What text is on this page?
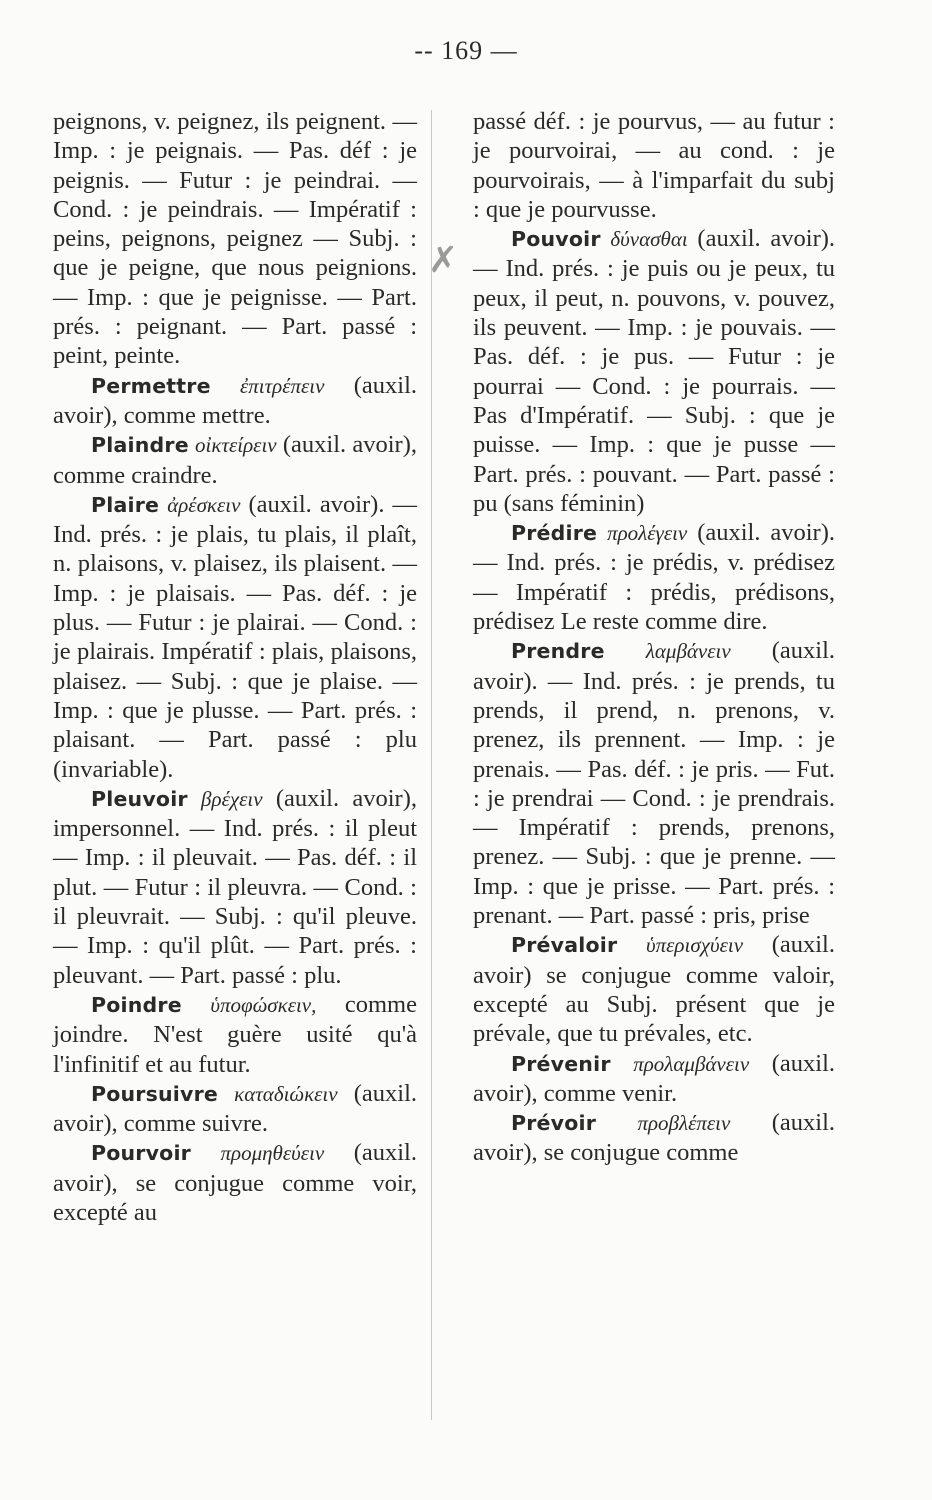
-- 169 —
✗

peignons, v. peignez, ils peignent. — Imp. : je peignais. — Pas. déf : je peignis. — Futur : je peindrai. — Cond. : je peindrais. — Impératif : peins, peignons, peignez — Subj. : que je peigne, que nous peignions. — Imp. : que je peignisse. — Part. prés. : peignant. — Part. passé : peint, peinte.

Permettre ἐπιτρέπειν (auxil. avoir), comme mettre.

Plaindre οἰκτείρειν (auxil. avoir), comme craindre.

Plaire ἀρέσκειν (auxil. avoir). — Ind. prés. : je plais, tu plais, il plaît, n. plaisons, v. plaisez, ils plaisent. — Imp. : je plaisais. — Pas. déf. : je plus. — Futur : je plairai. — Cond. : je plairais. Impératif : plais, plaisons, plaisez. — Subj. : que je plaise. — Imp. : que je plusse. — Part. prés. : plaisant. — Part. passé : plu (invariable).

Pleuvoir βρέχειν (auxil. avoir), impersonnel. — Ind. prés. : il pleut — Imp. : il pleuvait. — Pas. déf. : il plut. — Futur : il pleuvra. — Cond. : il pleuvrait. — Subj. : qu'il pleuve. — Imp. : qu'il plût. — Part. prés. : pleuvant. — Part. passé : plu.

Poindre ὑποφώσκειν, comme joindre. N'est guère usité qu'à l'infinitif et au futur.

Poursuivre καταδιώκειν (auxil. avoir), comme suivre.

Pourvoir προμηθεύειν (auxil. avoir), se conjugue comme voir, excepté au

passé déf. : je pourvus, — au futur : je pourvoirai, — au cond. : je pourvoirais, — à l'imparfait du subj : que je pourvusse.

Pouvoir δύνασθαι (auxil. avoir). — Ind. prés. : je puis ou je peux, tu peux, il peut, n. pouvons, v. pouvez, ils peuvent. — Imp. : je pouvais. — Pas. déf. : je pus. — Futur : je pourrai — Cond. : je pourrais. — Pas d'Impératif. — Subj. : que je puisse. — Imp. : que je pusse — Part. prés. : pouvant. — Part. passé : pu (sans féminin)

Prédire προλέγειν (auxil. avoir). — Ind. prés. : je prédis, v. prédisez — Impératif : prédis, prédisons, prédisez Le reste comme dire.

Prendre λαμβάνειν (auxil. avoir). — Ind. prés. : je prends, tu prends, il prend, n. prenons, v. prenez, ils prennent. — Imp. : je prenais. — Pas. déf. : je pris. — Fut. : je prendrai — Cond. : je prendrais. — Impératif : prends, prenons, prenez. — Subj. : que je prenne. — Imp. : que je prisse. — Part. prés. : prenant. — Part. passé : pris, prise

Prévaloir ὑπερισχύειν (auxil. avoir) se conjugue comme valoir, excepté au Subj. présent que je prévale, que tu prévales, etc.

Prévenir προλαμβάνειν (auxil. avoir), comme venir.

Prévoir προβλέπειν (auxil. avoir), se conjugue comme
